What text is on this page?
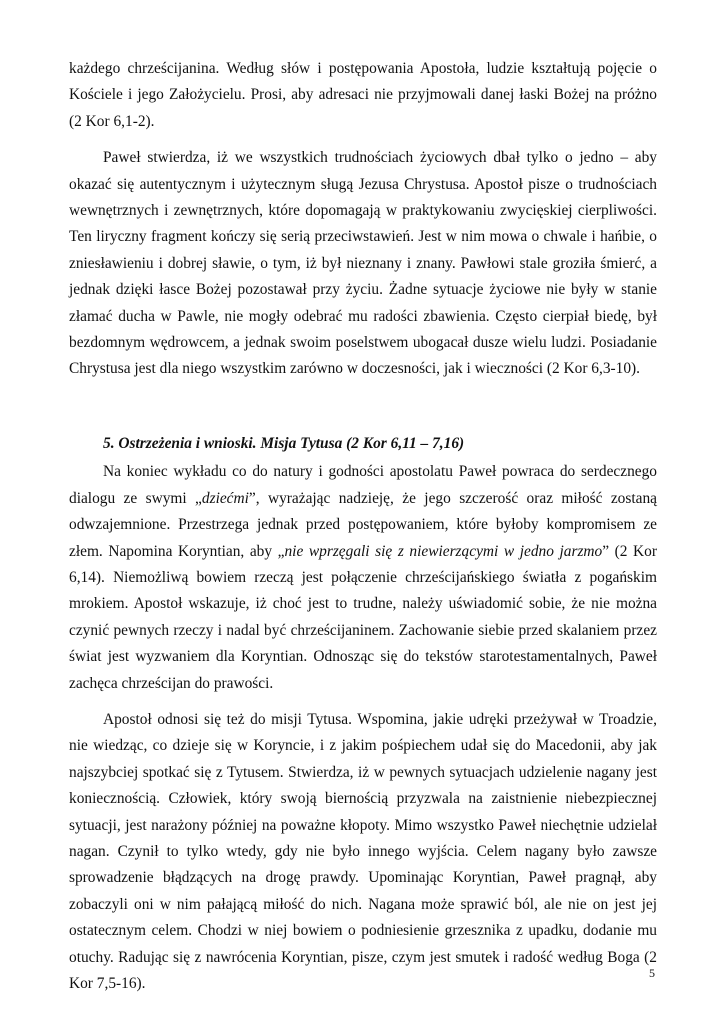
każdego chrześcijanina. Według słów i postępowania Apostoła, ludzie kształtują pojęcie o Kościele i jego Założycielu. Prosi, aby adresaci nie przyjmowali danej łaski Bożej na próżno (2 Kor 6,1-2).

Paweł stwierdza, iż we wszystkich trudnościach życiowych dbał tylko o jedno – aby okazać się autentycznym i użytecznym sługą Jezusa Chrystusa. Apostoł pisze o trudnościach wewnętrznych i zewnętrznych, które dopomagają w praktykowaniu zwycięskiej cierpliwości. Ten liryczny fragment kończy się serią przeciwstawień. Jest w nim mowa o chwale i hańbie, o zniesławieniu i dobrej sławie, o tym, iż był nieznany i znany. Pawłowi stale groziła śmierć, a jednak dzięki łasce Bożej pozostawał przy życiu. Żadne sytuacje życiowe nie były w stanie złamać ducha w Pawle, nie mogły odebrać mu radości zbawienia. Często cierpiał biedę, był bezdomnym wędrowcem, a jednak swoim poselstwem ubogacał dusze wielu ludzi. Posiadanie Chrystusa jest dla niego wszystkim zarówno w doczesności, jak i wieczności (2 Kor 6,3-10).

5. Ostrzeżenia i wnioski. Misja Tytusa (2 Kor 6,11 – 7,16)

Na koniec wykładu co do natury i godności apostolatu Paweł powraca do serdecznego dialogu ze swymi „dziećmi”, wyrażając nadzieję, że jego szczerość oraz miłość zostaną odwzajemnione. Przestrzega jednak przed postępowaniem, które byłoby kompromisem ze złem. Napomina Koryntian, aby „nie wprzęgali się z niewierzącymi w jedno jarzmo” (2 Kor 6,14). Niemożliwą bowiem rzeczą jest połączenie chrześcijańskiego światła z pogańskim mrokiem. Apostoł wskazuje, iż choć jest to trudne, należy uświadomić sobie, że nie można czynić pewnych rzeczy i nadal być chrześcijaninem. Zachowanie siebie przed skalaniem przez świat jest wyzwaniem dla Koryntian. Odnosząc się do tekstów starotestamentalnych, Paweł zachęca chrześcijan do prawości.

Apostoł odnosi się też do misji Tytusa. Wspomina, jakie udręki przeżywał w Troadzie, nie wiedząc, co dzieje się w Koryncie, i z jakim pośpiechem udał się do Macedonii, aby jak najszybciej spotkać się z Tytusem. Stwierdza, iż w pewnych sytuacjach udzielenie nagany jest koniecznością. Człowiek, który swoją biernością przyzwala na zaistnienie niebezpiecznej sytuacji, jest narażony później na poważne kłopoty. Mimo wszystko Paweł niechętnie udzielał nagan. Czynił to tylko wtedy, gdy nie było innego wyjścia. Celem nagany było zawsze sprowadzenie błądzących na drogę prawdy. Upominając Koryntian, Paweł pragnął, aby zobaczyli oni w nim pałającą miłość do nich. Nagana może sprawić ból, ale nie on jest jej ostatecznym celem. Chodzi w niej bowiem o podniesienie grzesznika z upadku, dodanie mu otuchy. Radując się z nawrócenia Koryntian, pisze, czym jest smutek i radość według Boga (2 Kor 7,5-16).

5
